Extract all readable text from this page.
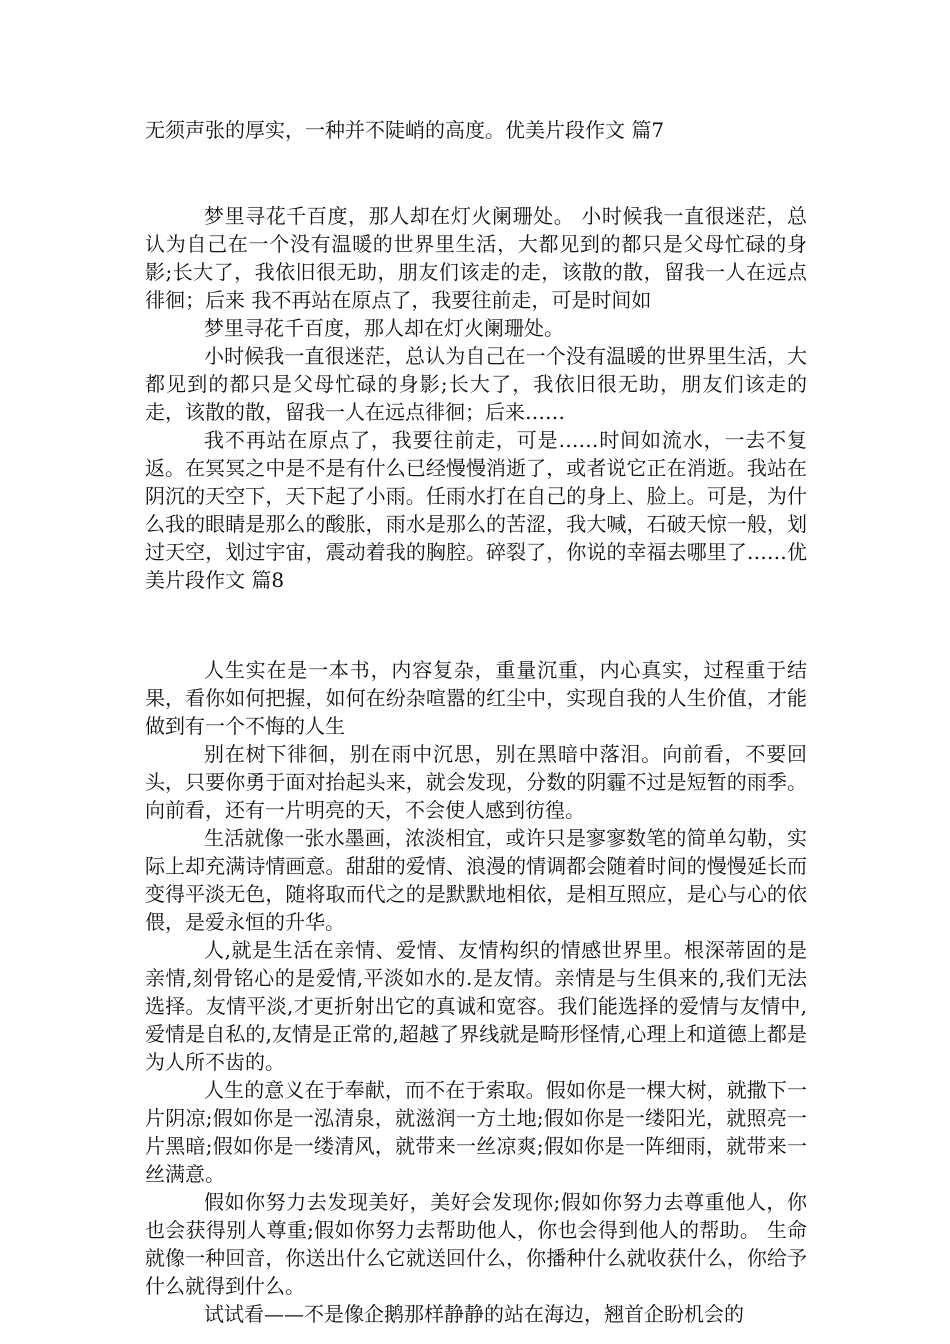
无须声张的厚实，一种并不陡峭的高度。优美片段作文 篇7

梦里寻花千百度，那人却在灯火阑珊处。 小时候我一直很迷茫，总认为自己在一个没有温暖的世界里生活，大都见到的都只是父母忙碌的身影;长大了，我依旧很无助，朋友们该走的走，该散的散，留我一人在远点徘徊；后来 我不再站在原点了，我要往前走，可是时间如

梦里寻花千百度，那人却在灯火阑珊处。

小时候我一直很迷茫，总认为自己在一个没有温暖的世界里生活，大都见到的都只是父母忙碌的身影;长大了，我依旧很无助，朋友们该走的走，该散的散，留我一人在远点徘徊；后来……

我不再站在原点了，我要往前走，可是……时间如流水，一去不复返。在冥冥之中是不是有什么已经慢慢消逝了，或者说它正在消逝。我站在阴沉的天空下，天下起了小雨。任雨水打在自己的身上、脸上。可是，为什么我的眼睛是那么的酸胀，雨水是那么的苦涩，我大喊，石破天惊一般，划过天空，划过宇宙，震动着我的胸腔。碎裂了，你说的幸福去哪里了……优美片段作文 篇8

人生实在是一本书，内容复杂，重量沉重，内心真实，过程重于结果，看你如何把握，如何在纷杂喧嚣的红尘中，实现自我的人生价值，才能做到有一个不悔的人生

别在树下徘徊，别在雨中沉思，别在黑暗中落泪。向前看，不要回头，只要你勇于面对抬起头来，就会发现，分数的阴霾不过是短暂的雨季。向前看，还有一片明亮的天，不会使人感到彷徨。

生活就像一张水墨画，浓淡相宜，或许只是寥寥数笔的简单勾勒，实际上却充满诗情画意。甜甜的爱情、浪漫的情调都会随着时间的慢慢延长而变得平淡无色，随将取而代之的是默默地相依，是相互照应，是心与心的依偎，是爱永恒的升华。

人,就是生活在亲情、爱情、友情构织的情感世界里。根深蒂固的是亲情,刻骨铭心的是爱情,平淡如水的.是友情。亲情是与生俱来的,我们无法选择。友情平淡,才更折射出它的真诚和宽容。我们能选择的爱情与友情中,爱情是自私的,友情是正常的,超越了界线就是畸形怪情,心理上和道德上都是为人所不齿的。

人生的意义在于奉献，而不在于索取。假如你是一棵大树，就撒下一片阴凉;假如你是一泓清泉，就滋润一方土地;假如你是一缕阳光，就照亮一片黑暗;假如你是一缕清风，就带来一丝凉爽;假如你是一阵细雨，就带来一丝满意。

假如你努力去发现美好，美好会发现你;假如你努力去尊重他人，你也会获得别人尊重;假如你努力去帮助他人，你也会得到他人的帮助。 生命就像一种回音，你送出什么它就送回什么，你播种什么就收获什么，你给予什么就得到什么。

试试看——不是像企鹅那样静静的站在海边，翘首企盼机会的
